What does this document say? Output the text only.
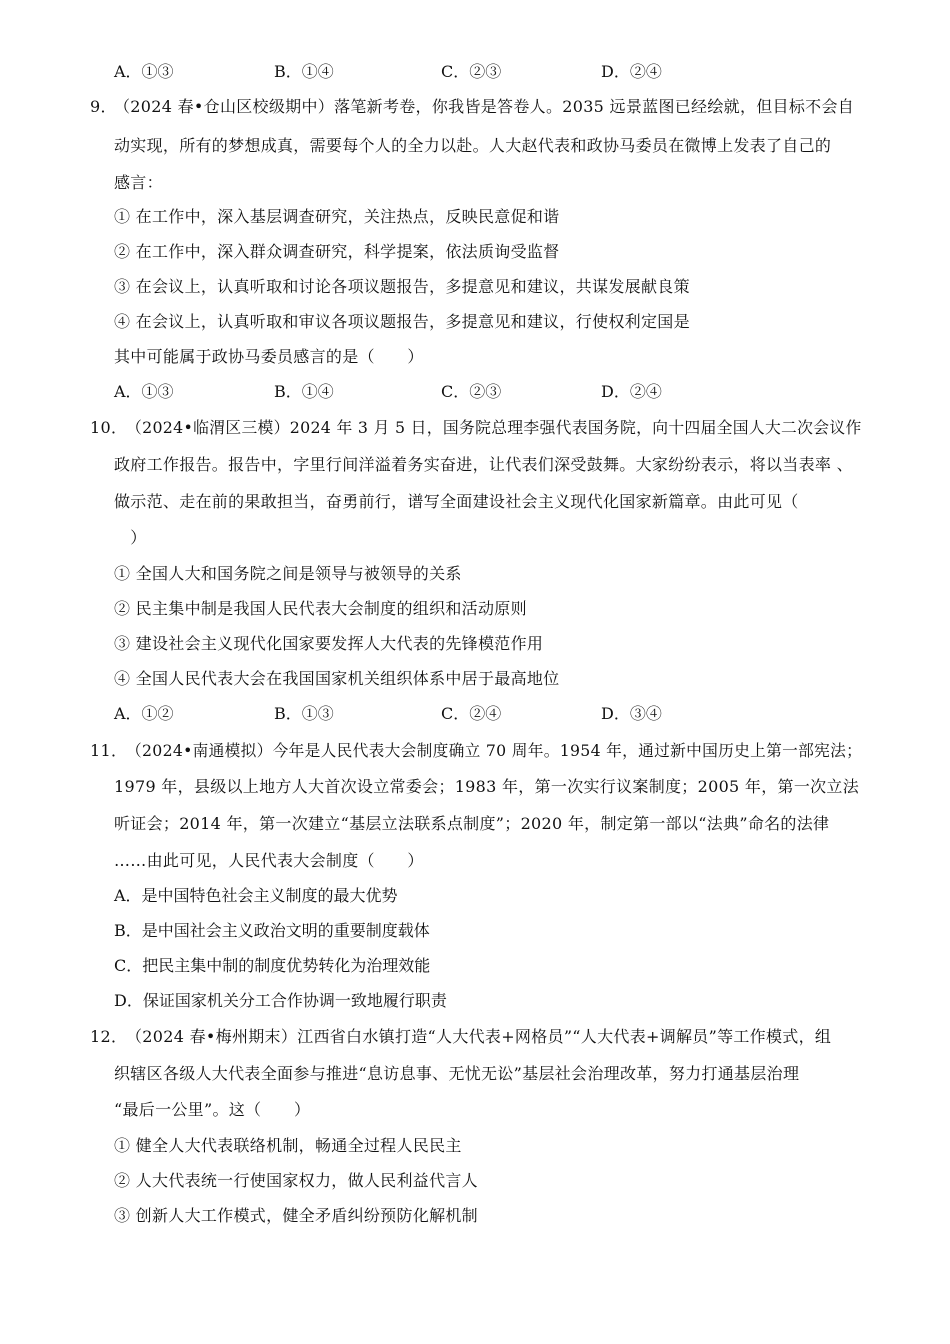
A．①③	B．①④	C．②③	D．②④
9．
（2024 春•仓山区校级期中）落笔新考卷，你我皆是答卷人。2035 远景蓝图已经绘就，但目标不会自
动实现，所有的梦想成真，需要每个人的全力以赴。人大赵代表和政协马委员在微博上发表了自己的
感言：
① 在工作中，深入基层调查研究，关注热点，反映民意促和谐
② 在工作中，深入群众调查研究，科学提案，依法质询受监督
③ 在会议上，认真听取和讨论各项议题报告，多提意见和建议，共谋发展献良策
④ 在会议上，认真听取和审议各项议题报告，多提意见和建议，行使权利定国是
其中可能属于政协马委员感言的是（　　）
A．①③	B．①④	C．②③	D．②④
10．
（2024•临渭区三模）2024 年 3 月 5 日，国务院总理李强代表国务院，向十四届全国人大二次会议作
政府工作报告。报告中，字里行间洋溢着务实奋进，让代表们深受鼓舞。大家纷纷表示，将以当表率 、
做示范、走在前的果敢担当，奋勇前行，谱写全面建设社会主义现代化国家新篇章。由此可见（
　）
① 全国人大和国务院之间是领导与被领导的关系
② 民主集中制是我国人民代表大会制度的组织和活动原则
③ 建设社会主义现代化国家要发挥人大代表的先锋模范作用
④ 全国人民代表大会在我国国家机关组织体系中居于最高地位
A．①②	B．①③	C．②④	D．③④
11．
（2024•南通模拟）今年是人民代表大会制度确立 70 周年。1954 年，通过新中国历史上第一部宪法；
1979 年，县级以上地方人大首次设立常委会；1983 年，第一次实行议案制度；2005 年，第一次立法
听证会；2014 年，第一次建立“基层立法联系点制度”；2020 年，制定第一部以“法典”命名的法律
……由此可见，人民代表大会制度（　　）
A．是中国特色社会主义制度的最大优势
B．是中国社会主义政治文明的重要制度载体
C．把民主集中制的制度优势转化为治理效能
D．保证国家机关分工合作协调一致地履行职责
12．
（2024 春•梅州期末）江西省白水镇打造“人大代表+网格员”“人大代表+调解员”等工作模式，组
织辖区各级人大代表全面参与推进“息访息事、无忧无讼”基层社会治理改革，努力打通基层治理
“最后一公里”。这（　　）
① 健全人大代表联络机制，畅通全过程人民民主
② 人大代表统一行使国家权力，做人民利益代言人
③ 创新人大工作模式，健全矛盾纠纷预防化解机制
